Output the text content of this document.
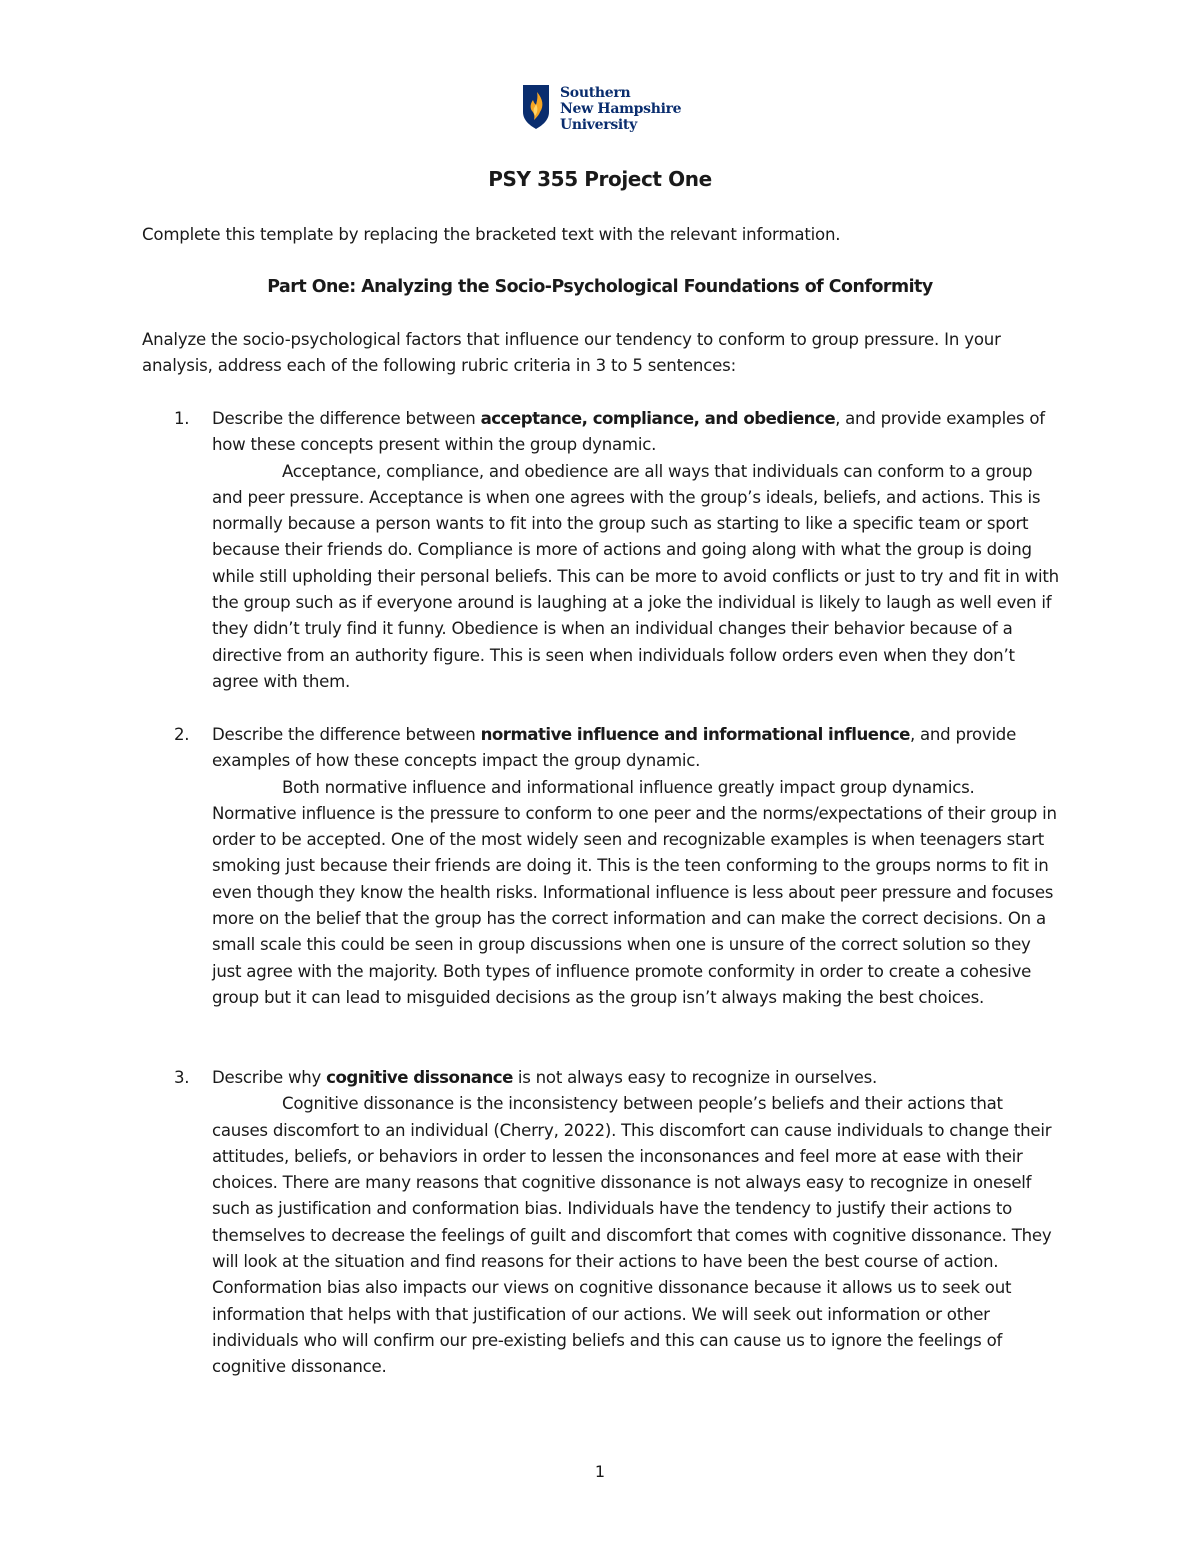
Southern
New Hampshire
University
PSY 355 Project One
Complete this template by replacing the bracketed text with the relevant information.
Part One: Analyzing the Socio-Psychological Foundations of Conformity
Analyze the socio-psychological factors that influence our tendency to conform to group pressure. In your analysis, address each of the following rubric criteria in 3 to 5 sentences:
1.	Describe the difference between acceptance, compliance, and obedience, and provide examples of how these concepts present within the group dynamic.
Acceptance, compliance, and obedience are all ways that individuals can conform to a group and peer pressure. Acceptance is when one agrees with the group’s ideals, beliefs, and actions. This is normally because a person wants to fit into the group such as starting to like a specific team or sport because their friends do. Compliance is more of actions and going along with what the group is doing while still upholding their personal beliefs. This can be more to avoid conflicts or just to try and fit in with the group such as if everyone around is laughing at a joke the individual is likely to laugh as well even if they didn’t truly find it funny. Obedience is when an individual changes their behavior because of a directive from an authority figure. This is seen when individuals follow orders even when they don’t agree with them.
2.	Describe the difference between normative influence and informational influence, and provide examples of how these concepts impact the group dynamic.
Both normative influence and informational influence greatly impact group dynamics. Normative influence is the pressure to conform to one peer and the norms/expectations of their group in order to be accepted. One of the most widely seen and recognizable examples is when teenagers start smoking just because their friends are doing it. This is the teen conforming to the groups norms to fit in even though they know the health risks. Informational influence is less about peer pressure and focuses more on the belief that the group has the correct information and can make the correct decisions. On a small scale this could be seen in group discussions when one is unsure of the correct solution so they just agree with the majority. Both types of influence promote conformity in order to create a cohesive group but it can lead to misguided decisions as the group isn’t always making the best choices.
3.	Describe why cognitive dissonance is not always easy to recognize in ourselves.
Cognitive dissonance is the inconsistency between people’s beliefs and their actions that causes discomfort to an individual (Cherry, 2022). This discomfort can cause individuals to change their attitudes, beliefs, or behaviors in order to lessen the inconsonances and feel more at ease with their choices. There are many reasons that cognitive dissonance is not always easy to recognize in oneself such as justification and conformation bias. Individuals have the tendency to justify their actions to themselves to decrease the feelings of guilt and discomfort that comes with cognitive dissonance. They will look at the situation and find reasons for their actions to have been the best course of action. Conformation bias also impacts our views on cognitive dissonance because it allows us to seek out information that helps with that justification of our actions. We will seek out information or other individuals who will confirm our pre-existing beliefs and this can cause us to ignore the feelings of cognitive dissonance.
1
